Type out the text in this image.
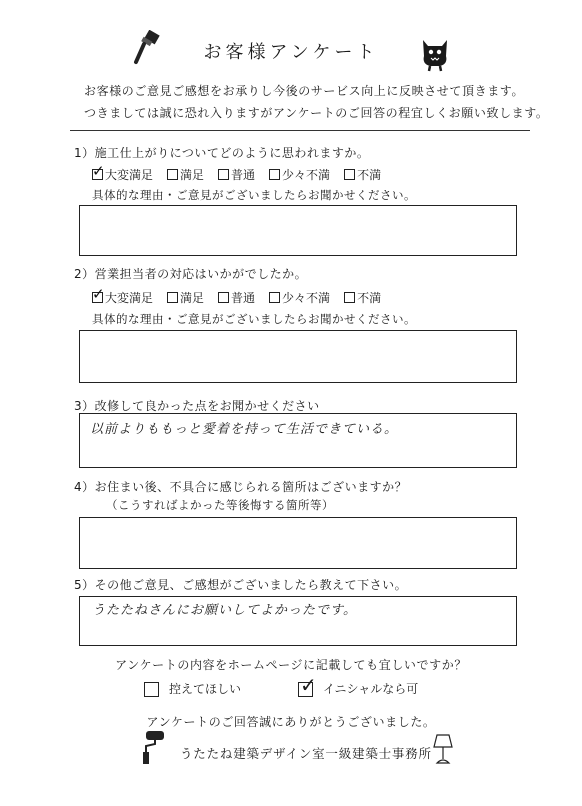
お客様アンケート
お客様のご意見ご感想をお承りし今後のサービス向上に反映させて頂きます。
つきましては誠に恐れ入りますがアンケートのご回答の程宜しくお願い致します。
1）施工仕上がりについてどのように思われますか。
✓ 大変満足 満足 普通 少々不満 不満
具体的な理由・ご意見がございましたらお聞かせください。
2）営業担当者の対応はいかがでしたか。
✓ 大変満足 満足 普通 少々不満 不満
具体的な理由・ご意見がございましたらお聞かせください。
3）改修して良かった点をお聞かせください
以前よりももっと愛着を持って生活できている。
4）お住まい後、不具合に感じられる箇所はございますか？
（こうすればよかった等後悔する箇所等）
5）その他ご意見、ご感想がございましたら教えて下さい。
うたたねさんにお願いしてよかったです。
アンケートの内容をホームページに記載しても宜しいですか？
控えてほしい	✓ イニシャルなら可
アンケートのご回答誠にありがとうございました。
うたたね建築デザイン室一級建築士事務所
